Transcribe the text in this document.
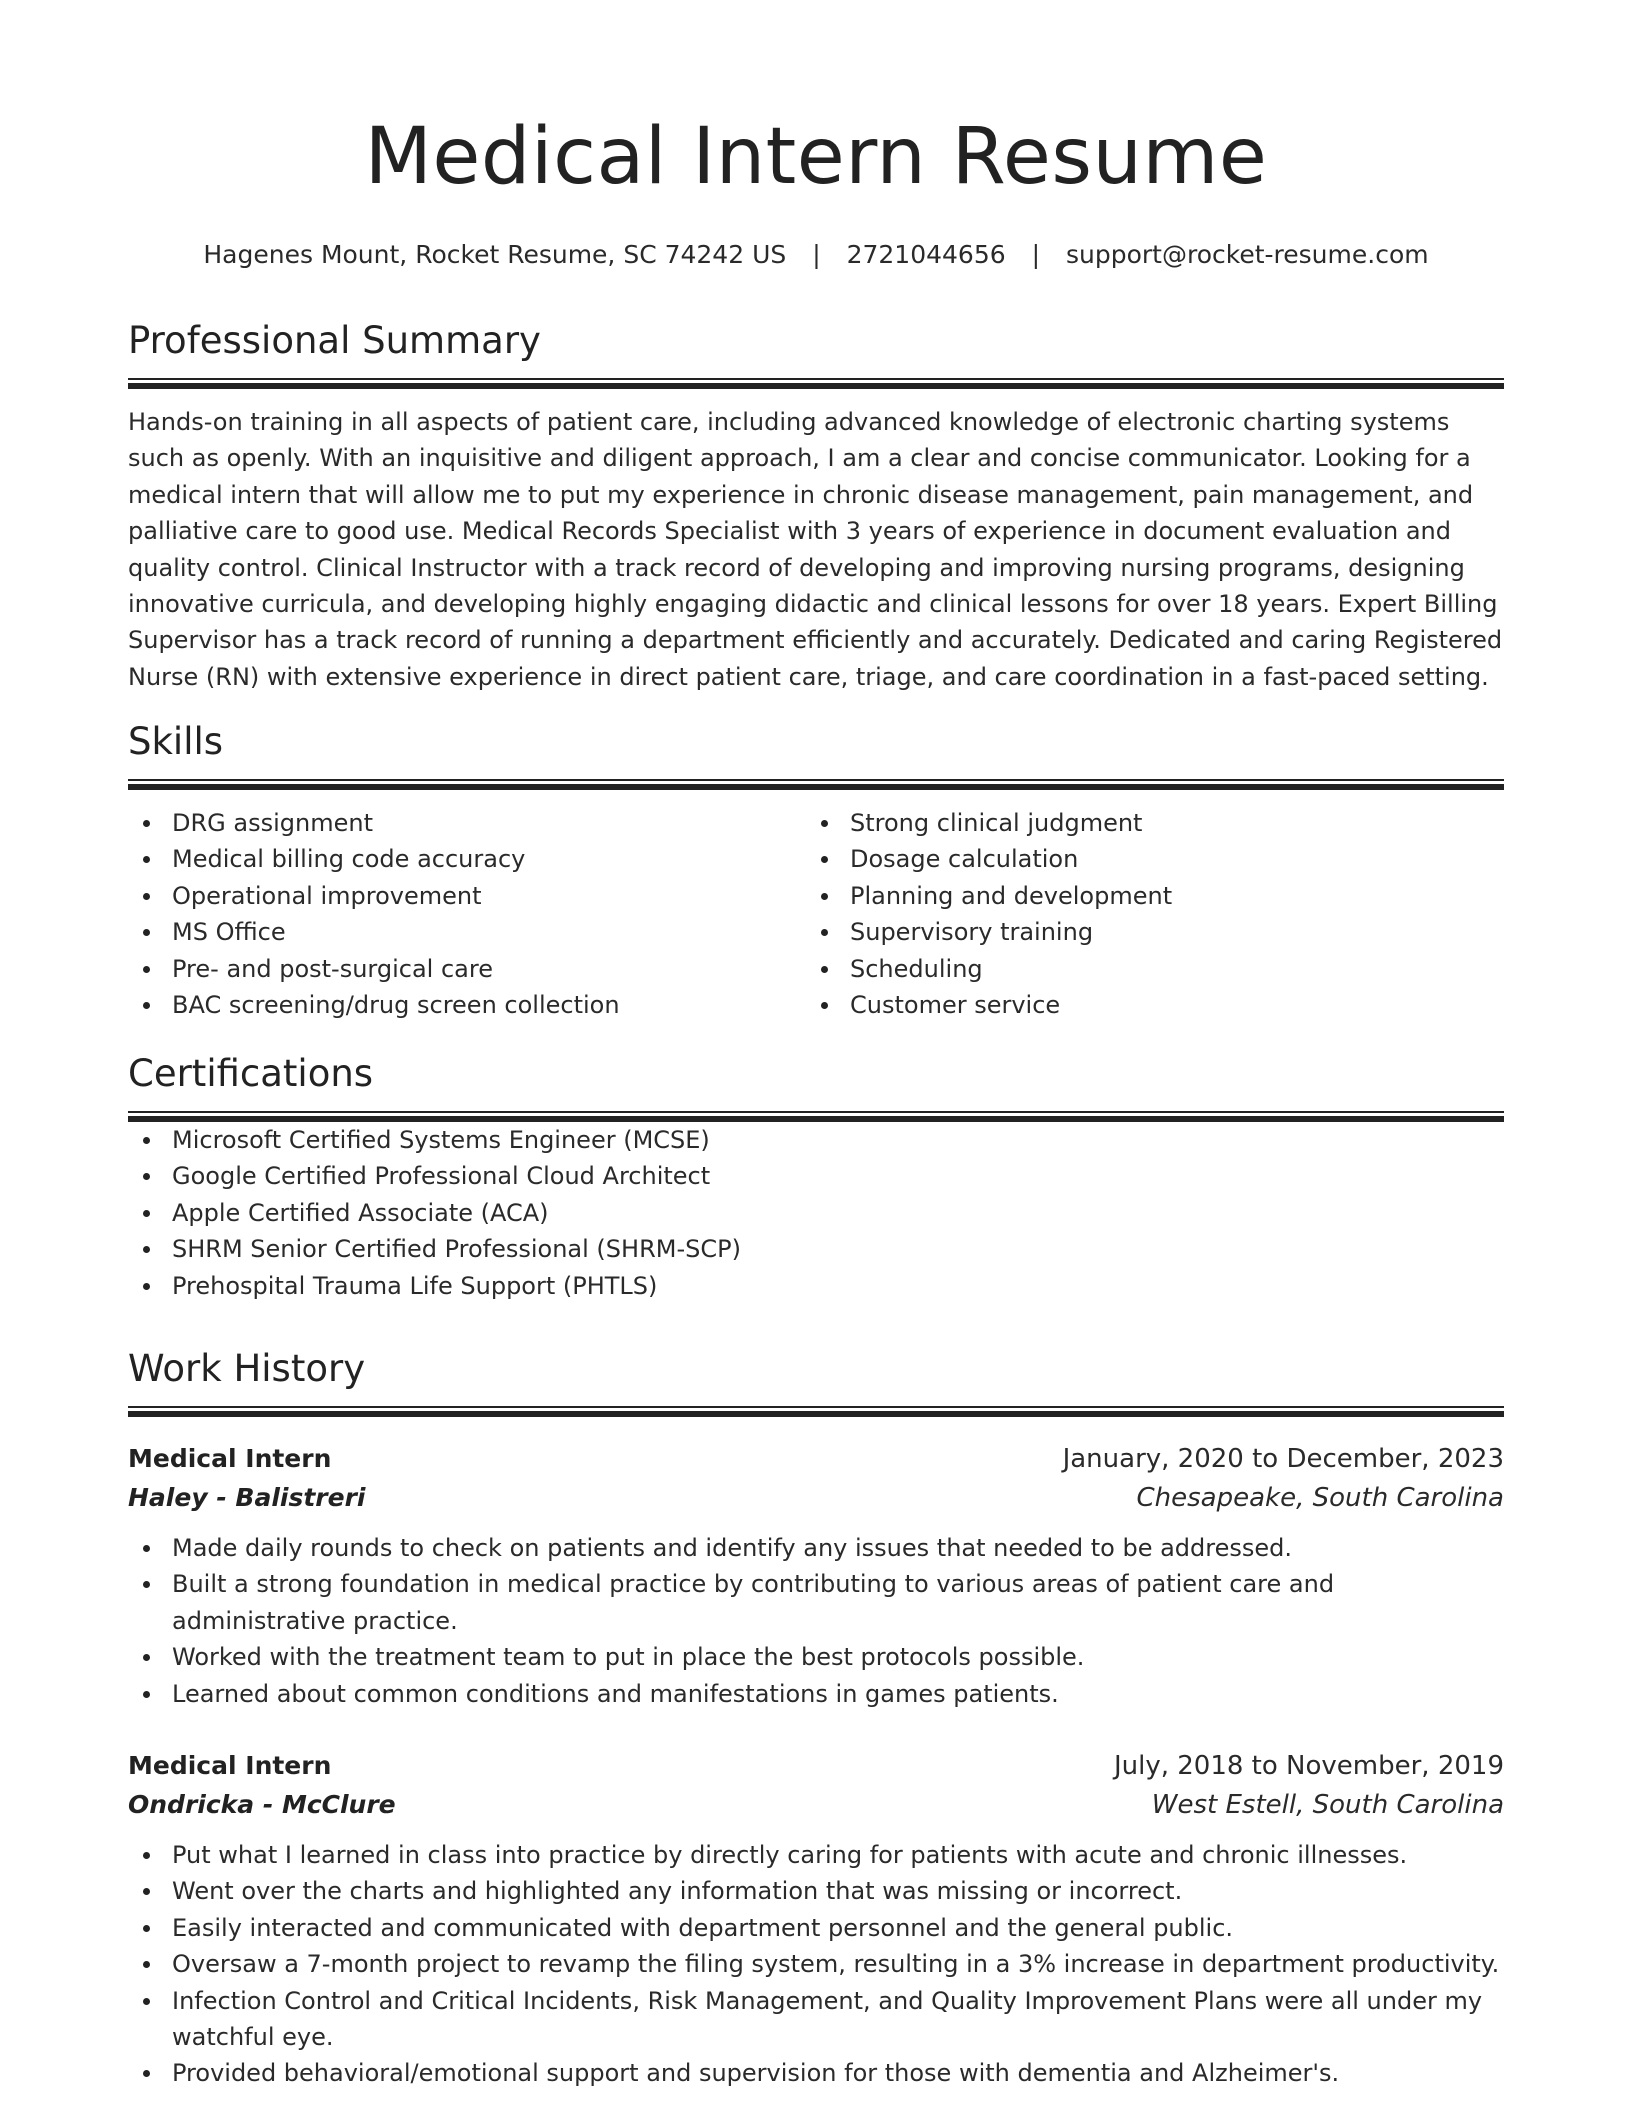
Medical Intern Resume
Hagenes Mount, Rocket Resume, SC 74242 US | 2721044656 | support@rocket-resume.com
Professional Summary
Hands-on training in all aspects of patient care, including advanced knowledge of electronic charting systems such as openly. With an inquisitive and diligent approach, I am a clear and concise communicator. Looking for a medical intern that will allow me to put my experience in chronic disease management, pain management, and palliative care to good use. Medical Records Specialist with 3 years of experience in document evaluation and quality control. Clinical Instructor with a track record of developing and improving nursing programs, designing innovative curricula, and developing highly engaging didactic and clinical lessons for over 18 years. Expert Billing Supervisor has a track record of running a department efficiently and accurately. Dedicated and caring Registered Nurse (RN) with extensive experience in direct patient care, triage, and care coordination in a fast-paced setting.
Skills
DRG assignment
Medical billing code accuracy
Operational improvement
MS Office
Pre- and post-surgical care
BAC screening/drug screen collection
Strong clinical judgment
Dosage calculation
Planning and development
Supervisory training
Scheduling
Customer service
Certifications
Microsoft Certified Systems Engineer (MCSE)
Google Certified Professional Cloud Architect
Apple Certified Associate (ACA)
SHRM Senior Certified Professional (SHRM-SCP)
Prehospital Trauma Life Support (PHTLS)
Work History
Medical Intern	January, 2020 to December, 2023
Haley - Balistreri	Chesapeake, South Carolina
Made daily rounds to check on patients and identify any issues that needed to be addressed.
Built a strong foundation in medical practice by contributing to various areas of patient care and administrative practice.
Worked with the treatment team to put in place the best protocols possible.
Learned about common conditions and manifestations in games patients.
Medical Intern	July, 2018 to November, 2019
Ondricka - McClure	West Estell, South Carolina
Put what I learned in class into practice by directly caring for patients with acute and chronic illnesses.
Went over the charts and highlighted any information that was missing or incorrect.
Easily interacted and communicated with department personnel and the general public.
Oversaw a 7-month project to revamp the filing system, resulting in a 3% increase in department productivity.
Infection Control and Critical Incidents, Risk Management, and Quality Improvement Plans were all under my watchful eye.
Provided behavioral/emotional support and supervision for those with dementia and Alzheimer's.
